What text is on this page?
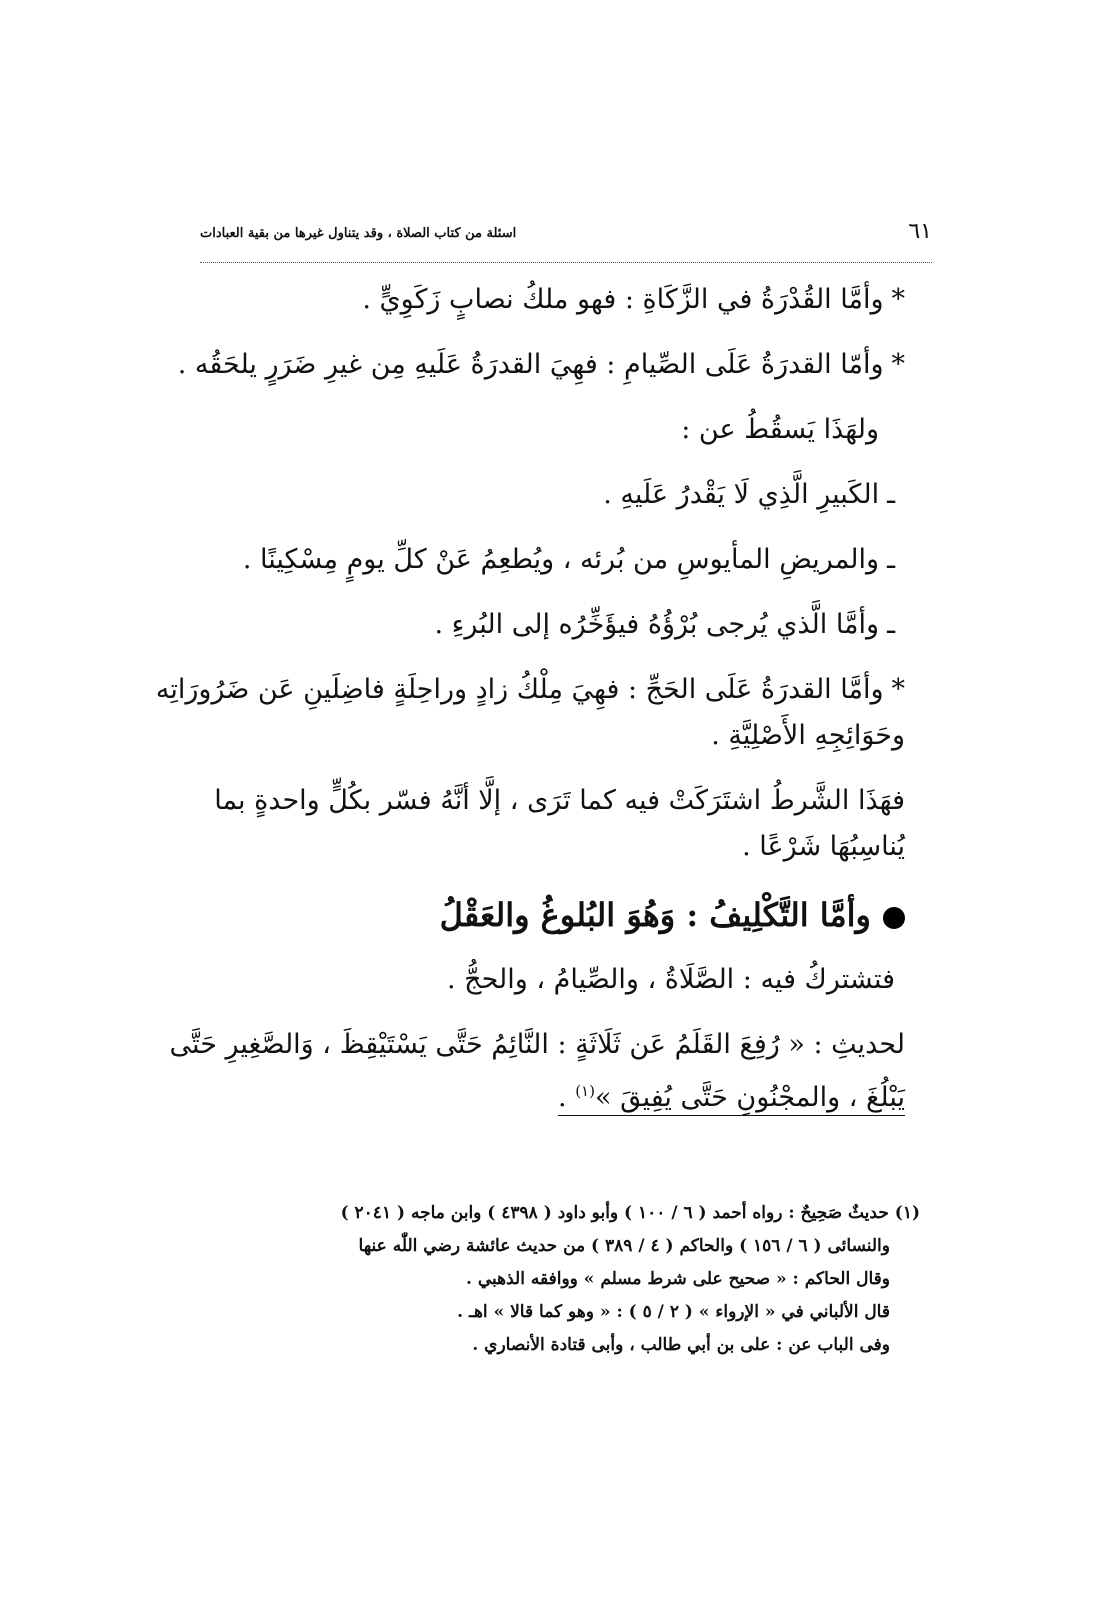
٦١
اسئلة من كتاب الصلاة ، وقد يتناول غيرها من بقية العبادات
*وأمَّا القُدْرَةُ في الزَّكَاةِ : فهو ملكُ نصابٍ زَكَوِيٍّ .
*وأمّا القدرَةُ عَلَى الصِّيامِ : فهِيَ القدرَةُ عَلَيهِ مِن غيرِ ضَرَرٍ يلحَقُه .
ولهَذَا يَسقُطُ عن :
ـالكَبيرِ الَّذِي لَا يَقْدرُ عَلَيهِ .
ـوالمريضِ المأيوسِ من بُرئه ، ويُطعِمُ عَنْ كلِّ يومٍ مِسْكِينًا .
ـوأمَّا الَّذي يُرجى بُرْؤُهُ فيؤَخِّرُه إلى البُرءِ .
*وأمَّا القدرَةُ عَلَى الحَجِّ : فهِيَ مِلْكُ زادٍ وراحِلَةٍ فاضِلَينِ عَن ضَرُورَاتِه
وحَوَائِجِهِ الأَصْلِيَّةِ .
فهَذَا الشَّرطُ اشتَرَكَتْ فيه كما تَرَى ، إلَّا أنَّهُ فسّر بكُلٍّ واحدةٍ بما
يُناسِبُهَا شَرْعًا .
وأمَّا التَّكْلِيفُ : وَهُوَ البُلوغُ والعَقْلُ
فتشتركُ فيه : الصَّلَاةُ ، والصِّيامُ ، والحجُّ .
لحديثِ : « رُفِعَ القَلَمُ عَن ثَلَاثَةٍ : النَّائِمُ حَتَّى يَسْتَيْقِظَ ، وَالصَّغِيرِ حَتَّى
يَبْلُغَ ، والمجْنُونِ حَتَّى يُفِيقَ »$^{(١)}$ .
(١) حديثٌ صَحِيحٌ : رواه أحمد ( ٦ / ١٠٠ ) وأبو داود ( ٤٣٩٨ ) وابن ماجه ( ٢٠٤١ )
والنسائى ( ٦ / ١٥٦ ) والحاكم ( ٤ / ٣٨٩ ) من حديث عائشة رضي اللّٰه عنها
وقال الحاكم : « صحيح على شرط مسلم » ووافقه الذهبي .
قال الألباني في « الإرواء » ( ٢ / ٥ ) : « وهو كما قالا » اهـ .
وفى الباب عن : على بن أبي طالب ، وأبى قتادة الأنصاري .
